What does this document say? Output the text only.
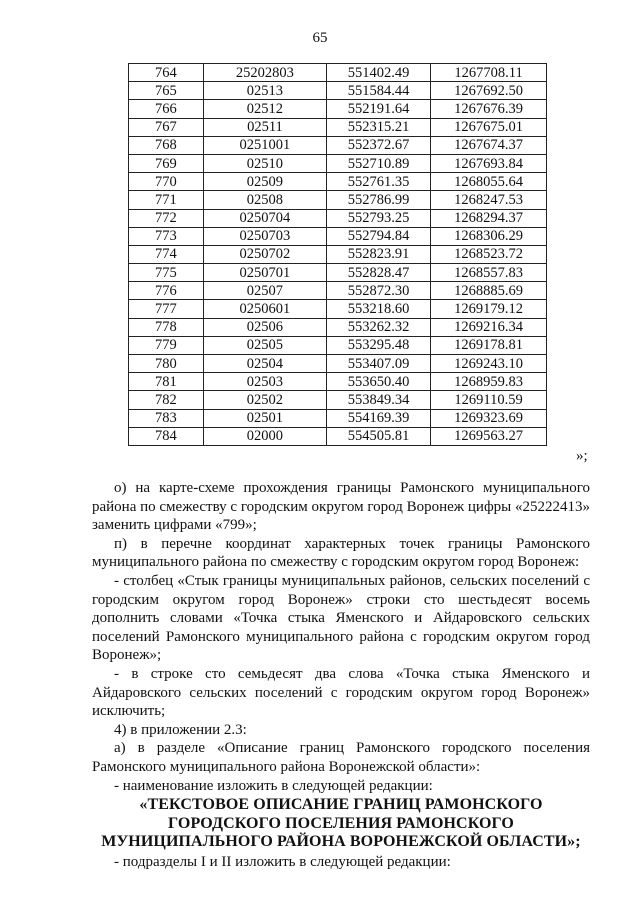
65
764	25202803	551402.49	1267708.11
765	02513	551584.44	1267692.50
766	02512	552191.64	1267676.39
767	02511	552315.21	1267675.01
768	0251001	552372.67	1267674.37
769	02510	552710.89	1267693.84
770	02509	552761.35	1268055.64
771	02508	552786.99	1268247.53
772	0250704	552793.25	1268294.37
773	0250703	552794.84	1268306.29
774	0250702	552823.91	1268523.72
775	0250701	552828.47	1268557.83
776	02507	552872.30	1268885.69
777	0250601	553218.60	1269179.12
778	02506	553262.32	1269216.34
779	02505	553295.48	1269178.81
780	02504	553407.09	1269243.10
781	02503	553650.40	1268959.83
782	02502	553849.34	1269110.59
783	02501	554169.39	1269323.69
784	02000	554505.81	1269563.27
»;

о) на карте-схеме прохождения границы Рамонского муниципального района по смежеству с городским округом город Воронеж цифры «25222413» заменить цифрами «799»;

п) в перечне координат характерных точек границы Рамонского муниципального района по смежеству с городским округом город Воронеж:

- столбец «Стык границы муниципальных районов, сельских поселений с городским округом город Воронеж» строки сто шестьдесят восемь дополнить словами «Точка стыка Яменского и Айдаровского сельских поселений Рамонского муниципального района с городским округом город Воронеж»;

- в строке сто семьдесят два слова «Точка стыка Яменского и Айдаровского сельских поселений с городским округом город Воронеж» исключить;

4) в приложении 2.3:

а) в разделе «Описание границ Рамонского городского поселения Рамонского муниципального района Воронежской области»:

- наименование изложить в следующей редакции:

«ТЕКСТОВОЕ ОПИСАНИЕ ГРАНИЦ РАМОНСКОГО ГОРОДСКОГО ПОСЕЛЕНИЯ РАМОНСКОГО МУНИЦИПАЛЬНОГО РАЙОНА ВОРОНЕЖСКОЙ ОБЛАСТИ»;

- подразделы I и II изложить в следующей редакции:
